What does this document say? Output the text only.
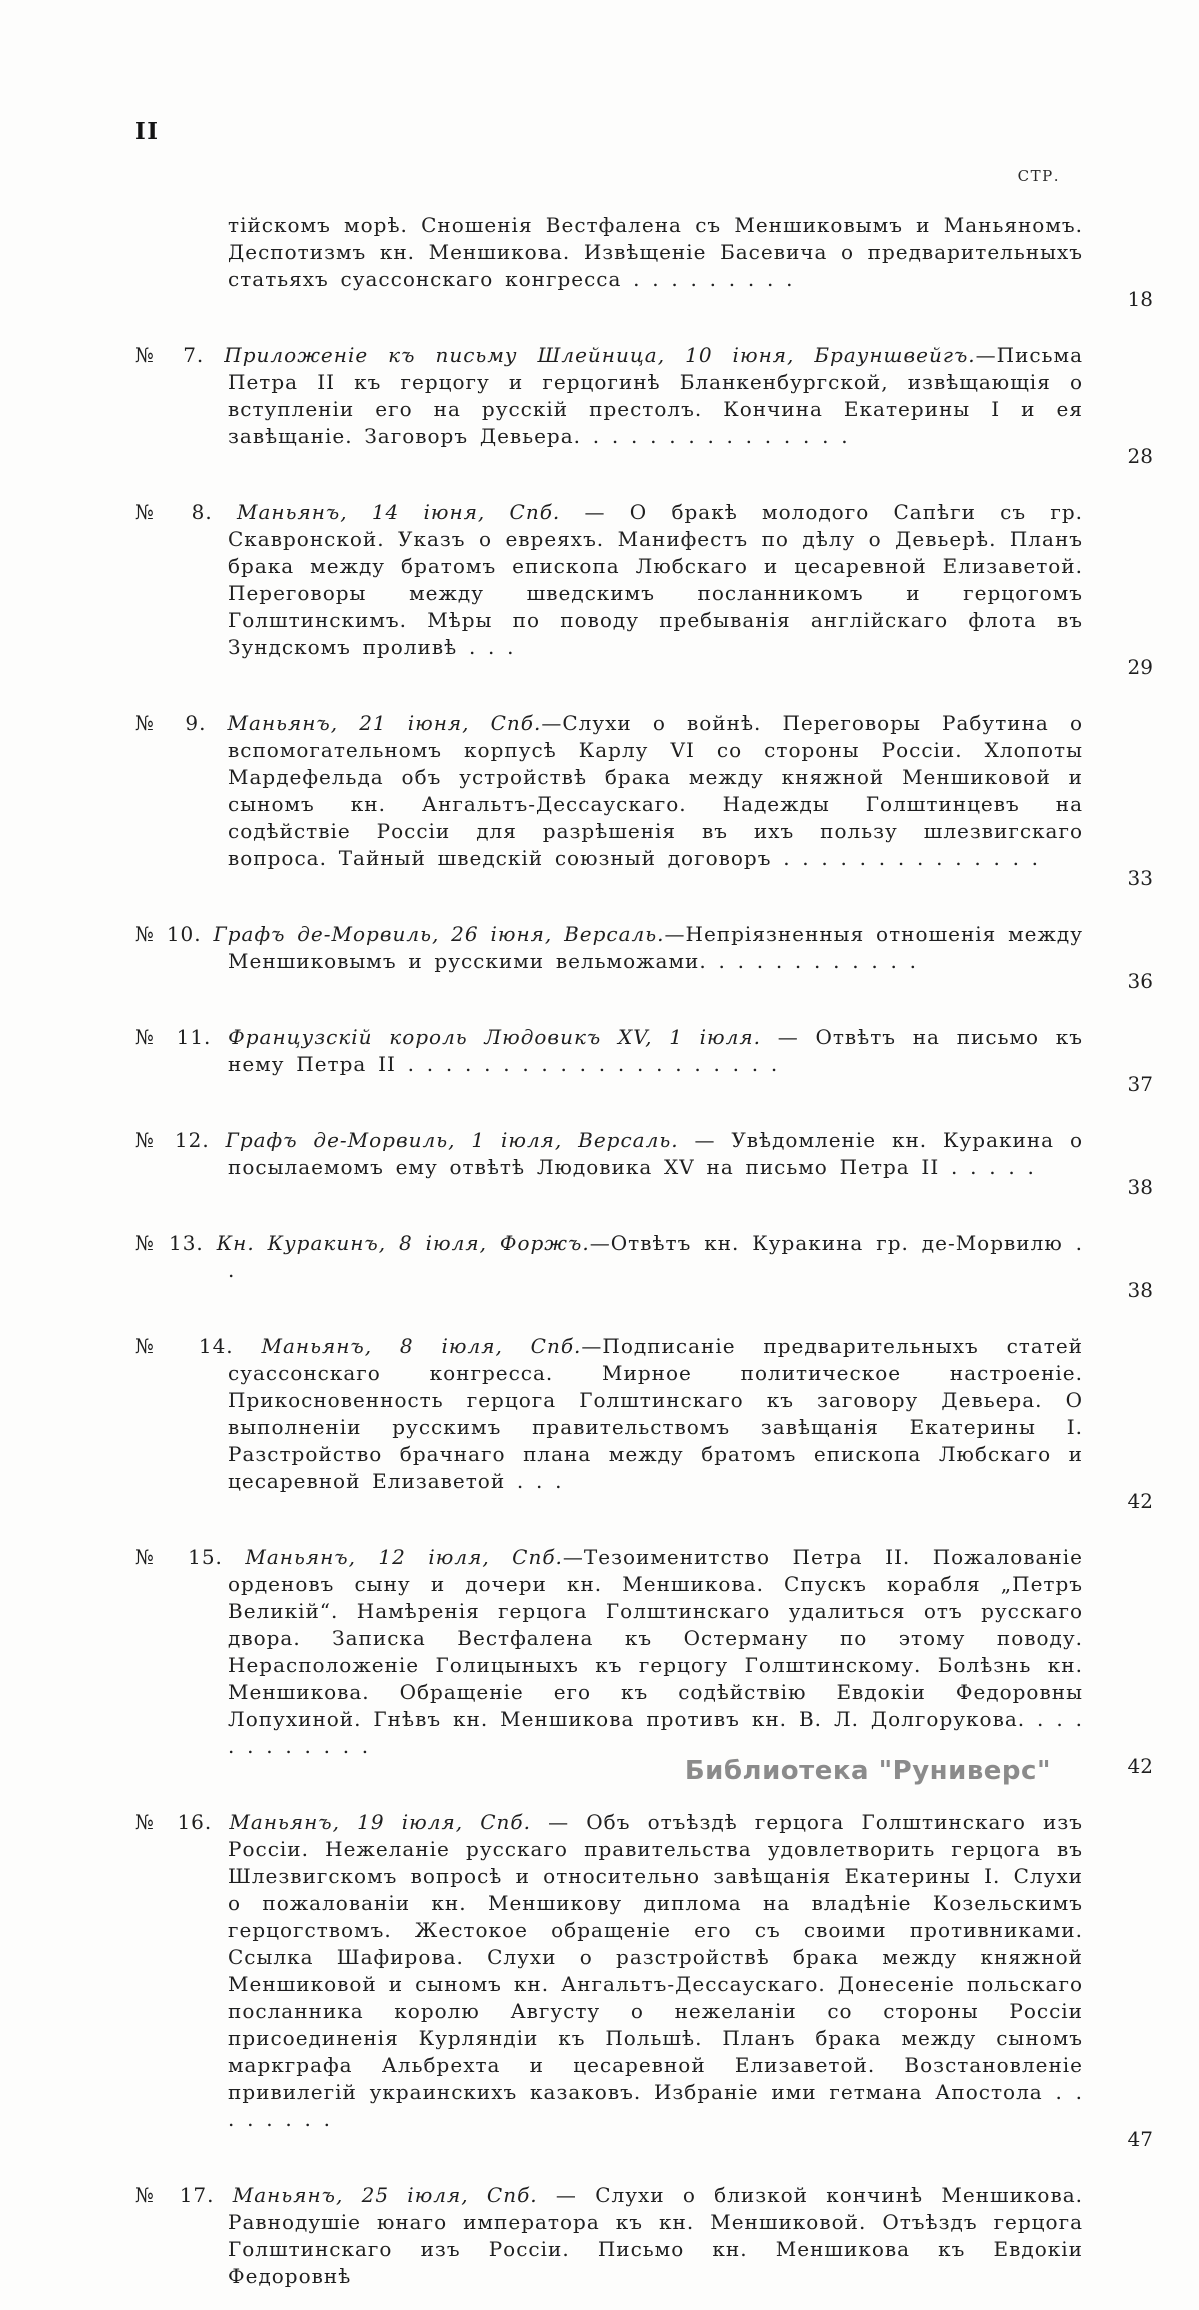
II
СТР.

тійскомъ морѣ. Сношенія Вестфалена съ Меншиковымъ и Маньяномъ. Деспотизмъ кн. Меншикова. Извѣщеніе Басевича о предварительныхъ статьяхъ суассонскаго конгресса . . . . . . . . .

18

№ 7. Приложеніе къ письму Шлейница, 10 іюня, Брауншвейгъ.—Письма Петра II къ герцогу и герцогинѣ Бланкенбургской, извѣщающія о вступленіи его на русскій престолъ. Кончина Екатерины I и ея завѣщаніе. Заговоръ Девьера. . . . . . . . . . . . . . .

28

№ 8. Маньянъ, 14 іюня, Спб. — О бракѣ молодого Сапѣги съ гр. Скавронской. Указъ о евреяхъ. Манифестъ по дѣлу о Девьерѣ. Планъ брака между братомъ епископа Любскаго и цесаревной Елизаветой. Переговоры между шведскимъ посланникомъ и герцогомъ Голштинскимъ. Мѣры по поводу пребыванія англійскаго флота въ Зундскомъ проливѣ . . .

29

№ 9. Маньянъ, 21 іюня, Спб.—Слухи о войнѣ. Переговоры Рабутина о вспомогательномъ корпусѣ Карлу VI со стороны Россіи. Хлопоты Мардефельда объ устройствѣ брака между княжной Меншиковой и сыномъ кн. Ангальтъ-Дессаускаго. Надежды Голштинцевъ на содѣйствіе Россіи для разрѣшенія въ ихъ пользу шлезвигскаго вопроса. Тайный шведскій союзный договоръ . . . . . . . . . . . . . .

33

№ 10. Графъ де-Морвиль, 26 іюня, Версаль.—Непріязненныя отношенія между Меншиковымъ и русскими вельможами. . . . . . . . . . . .

36

№ 11. Французскій король Людовикъ XV, 1 іюля. — Отвѣтъ на письмо къ нему Петра II . . . . . . . . . . . . . . . . . . . .

37

№ 12. Графъ де-Морвиль, 1 іюля, Версаль. — Увѣдомленіе кн. Куракина о посылаемомъ ему отвѣтѣ Людовика XV на письмо Петра II . . . . .

38

№ 13. Кн. Куракинъ, 8 іюля, Форжъ.—Отвѣтъ кн. Куракина гр. де-Морвилю . .

38

№ 14. Маньянъ, 8 іюля, Спб.—Подписаніе предварительныхъ статей суассонскаго конгресса. Мирное политическое настроеніе. Прикосновенность герцога Голштинскаго къ заговору Девьера. О выполненіи русскимъ правительствомъ завѣщанія Екатерины I. Разстройство брачнаго плана между братомъ епископа Любскаго и цесаревной Елизаветой . . .

42

№ 15. Маньянъ, 12 іюля, Спб.—Тезоименитство Петра II. Пожалованіе орденовъ сыну и дочери кн. Меншикова. Спускъ корабля „Петръ Великій“. Намѣренія герцога Голштинскаго удалиться отъ русскаго двора. Записка Вестфалена къ Остерману по этому поводу. Нерасположеніе Голицыныхъ къ герцогу Голштинскому. Болѣзнь кн. Меншикова. Обращеніе его къ содѣйствію Евдокіи Федоровны Лопухиной. Гнѣвъ кн. Меншикова противъ кн. В. Л. Долгорукова. . . . . . . . . . . .

42

№ 16. Маньянъ, 19 іюля, Спб. — Объ отъѣздѣ герцога Голштинскаго изъ Россіи. Нежеланіе русскаго правительства удовлетворить герцога въ Шлезвигскомъ вопросѣ и относительно завѣщанія Екатерины I. Слухи о пожалованіи кн. Меншикову диплома на владѣніе Козельскимъ герцогствомъ. Жестокое обращеніе его съ своими противниками. Ссылка Шафирова. Слухи о разстройствѣ брака между княжной Меншиковой и сыномъ кн. Ангальтъ-Дессаускаго. Донесеніе польскаго посланника королю Августу о нежеланіи со стороны Россіи присоединенія Курляндіи къ Польшѣ. Планъ брака между сыномъ маркграфа Альбрехта и цесаревной Елизаветой. Возстановленіе привилегій украинскихъ казаковъ. Избраніе ими гетмана Апостола . . . . . . . .

47

№ 17. Маньянъ, 25 іюля, Спб. — Слухи о близкой кончинѣ Меншикова. Равнодушіе юнаго императора къ кн. Меншиковой. Отъѣздъ герцога Голштинскаго изъ Россіи. Письмо кн. Меншикова къ Евдокіи Федоровнѣ

Библиотека "Руниверс"
